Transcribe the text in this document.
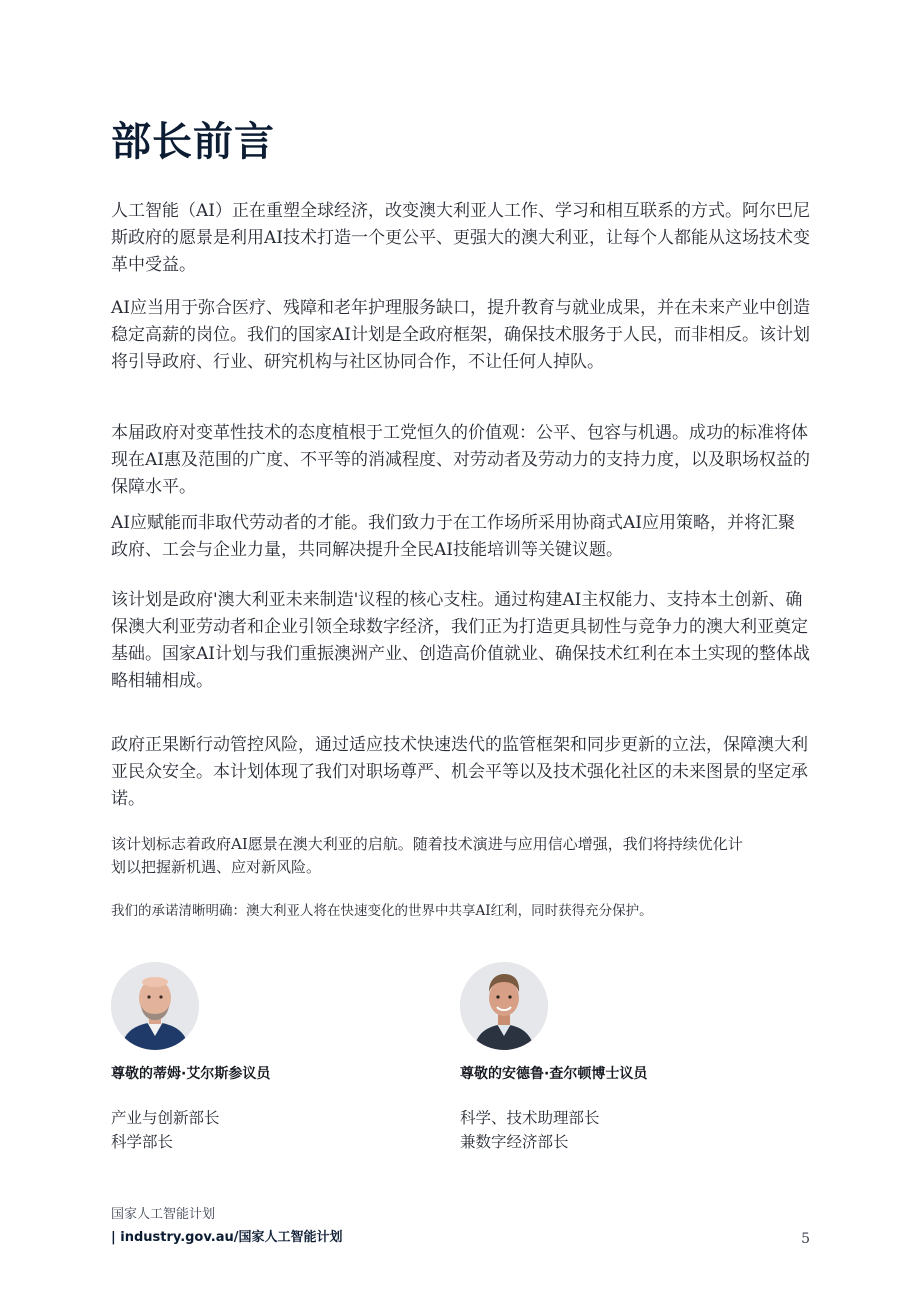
部长前言

人工智能（AI）正在重塑全球经济，改变澳大利亚人工作、学习和相互联系的方式。阿尔巴尼斯政府的愿景是利用AI技术打造一个更公平、更强大的澳大利亚，让每个人都能从这场技术变革中受益。

AI应当用于弥合医疗、残障和老年护理服务缺口，提升教育与就业成果，并在未来产业中创造稳定高薪的岗位。我们的国家AI计划是全政府框架，确保技术服务于人民，而非相反。该计划将引导政府、行业、研究机构与社区协同合作，不让任何人掉队。

本届政府对变革性技术的态度植根于工党恒久的价值观：公平、包容与机遇。成功的标准将体现在AI惠及范围的广度、不平等的消减程度、对劳动者及劳动力的支持力度，以及职场权益的保障水平。

AI应赋能而非取代劳动者的才能。我们致力于在工作场所采用协商式AI应用策略，并将汇聚政府、工会与企业力量，共同解决提升全民AI技能培训等关键议题。

该计划是政府'澳大利亚未来制造'议程的核心支柱。通过构建AI主权能力、支持本土创新、确保澳大利亚劳动者和企业引领全球数字经济，我们正为打造更具韧性与竞争力的澳大利亚奠定基础。国家AI计划与我们重振澳洲产业、创造高价值就业、确保技术红利在本土实现的整体战略相辅相成。

政府正果断行动管控风险，通过适应技术快速迭代的监管框架和同步更新的立法，保障澳大利亚民众安全。本计划体现了我们对职场尊严、机会平等以及技术强化社区的未来图景的坚定承诺。

该计划标志着政府AI愿景在澳大利亚的启航。随着技术演进与应用信心增强，我们将持续优化计划以把握新机遇、应对新风险。

我们的承诺清晰明确：澳大利亚人将在快速变化的世界中共享AI红利，同时获得充分保护。

尊敬的蒂姆·艾尔斯参议员
产业与创新部长
科学部长
尊敬的安德鲁·查尔顿博士议员
科学、技术助理部长
兼数字经济部长
国家人工智能计划
| industry.gov.au/国家人工智能计划	5
